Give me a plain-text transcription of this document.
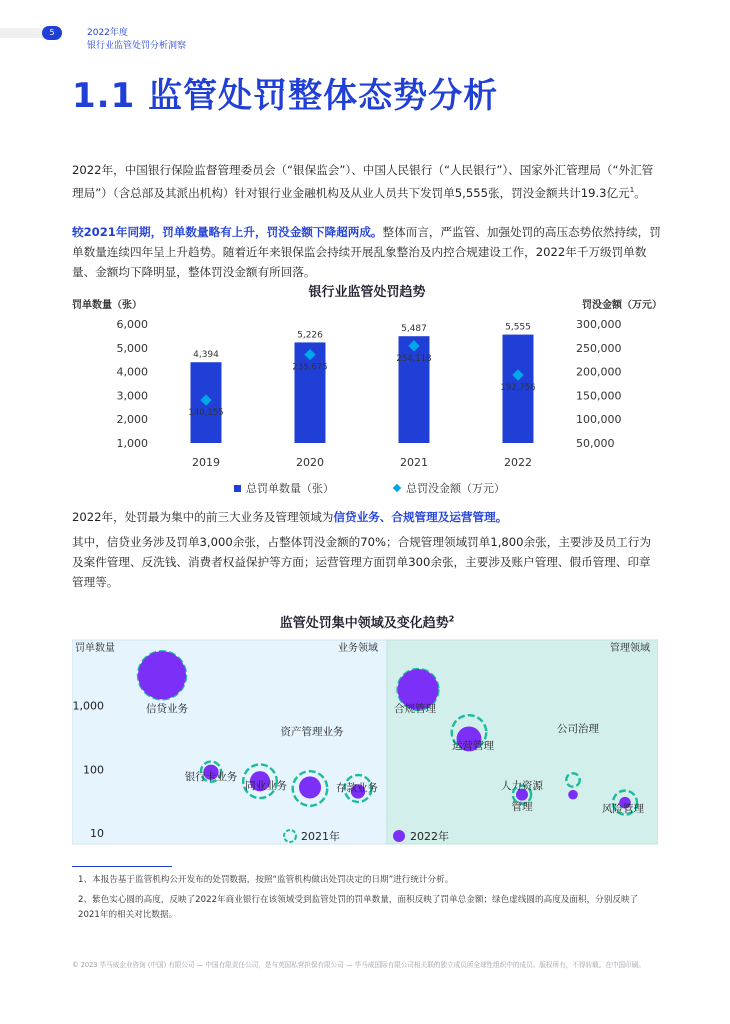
5	2022年度
银行业监管处罚分析洞察
1.1 监管处罚整体态势分析
2022年，中国银行保险监督管理委员会（“银保监会”）、中国人民银行（“人民银行”）、国家外汇管理局（“外汇管理局”）（含总部及其派出机构）针对银行业金融机构及从业人员共下发罚单5,555张，罚没金额共计19.3亿元$^1$。
较2021年同期，罚单数量略有上升，罚没金额下降超两成。整体而言，严监管、加强处罚的高压态势依然持续，罚单数量连续四年呈上升趋势。随着近年来银保监会持续开展乱象整治及内控合规建设工作，2022年千万级罚单数量、金额均下降明显，整体罚没金额有所回落。
银行业监管处罚趋势
罚单数量（张）	罚没金额（万元）
1,000	50,000
2,000	100,000
3,000	150,000
4,000	200,000
5,000	250,000
6,000	300,000
4,394
140,155
2019
5,226
235,675
2020
5,487
254,118
2021
5,555
192,756
2022
总罚单数量（张）	总罚没金额（万元）
2022年，处罚最为集中的前三大业务及管理领域为信贷业务、合规管理及运营管理。
其中，信贷业务涉及罚单3,000余张，占整体罚没金额的70%；合规管理领域罚单1,800余张，主要涉及员工行为及案件管理、反洗钱、消费者权益保护等方面；运营管理方面罚单300余张，主要涉及账户管理、假币管理、印章管理等。
监管处罚集中领域及变化趋势$^2$
罚单数量	业务领域	管理领域
10
100
1,000	信贷业务
银行卡业务
同业业务
资产管理业务
存款业务
合规管理
运营管理
人力资源
管理
公司治理
风险管理
2021年	2022年
1、本报告基于监管机构公开发布的处罚数据，按照“监管机构做出处罚决定的日期”进行统计分析。
2、紫色实心圆的高度，反映了2022年商业银行在该领域受到监管处罚的罚单数量，面积反映了罚单总金额；绿色虚线圆的高度及面积，分别反映了2021年的相关对比数据。
© 2023 毕马威企业咨询 (中国) 有限公司 — 中国有限责任公司，是与英国私营担保有限公司 — 毕马威国际有限公司相关联的独立成员所全球性组织中的成员。版权所有，不得转载。在中国印刷。
